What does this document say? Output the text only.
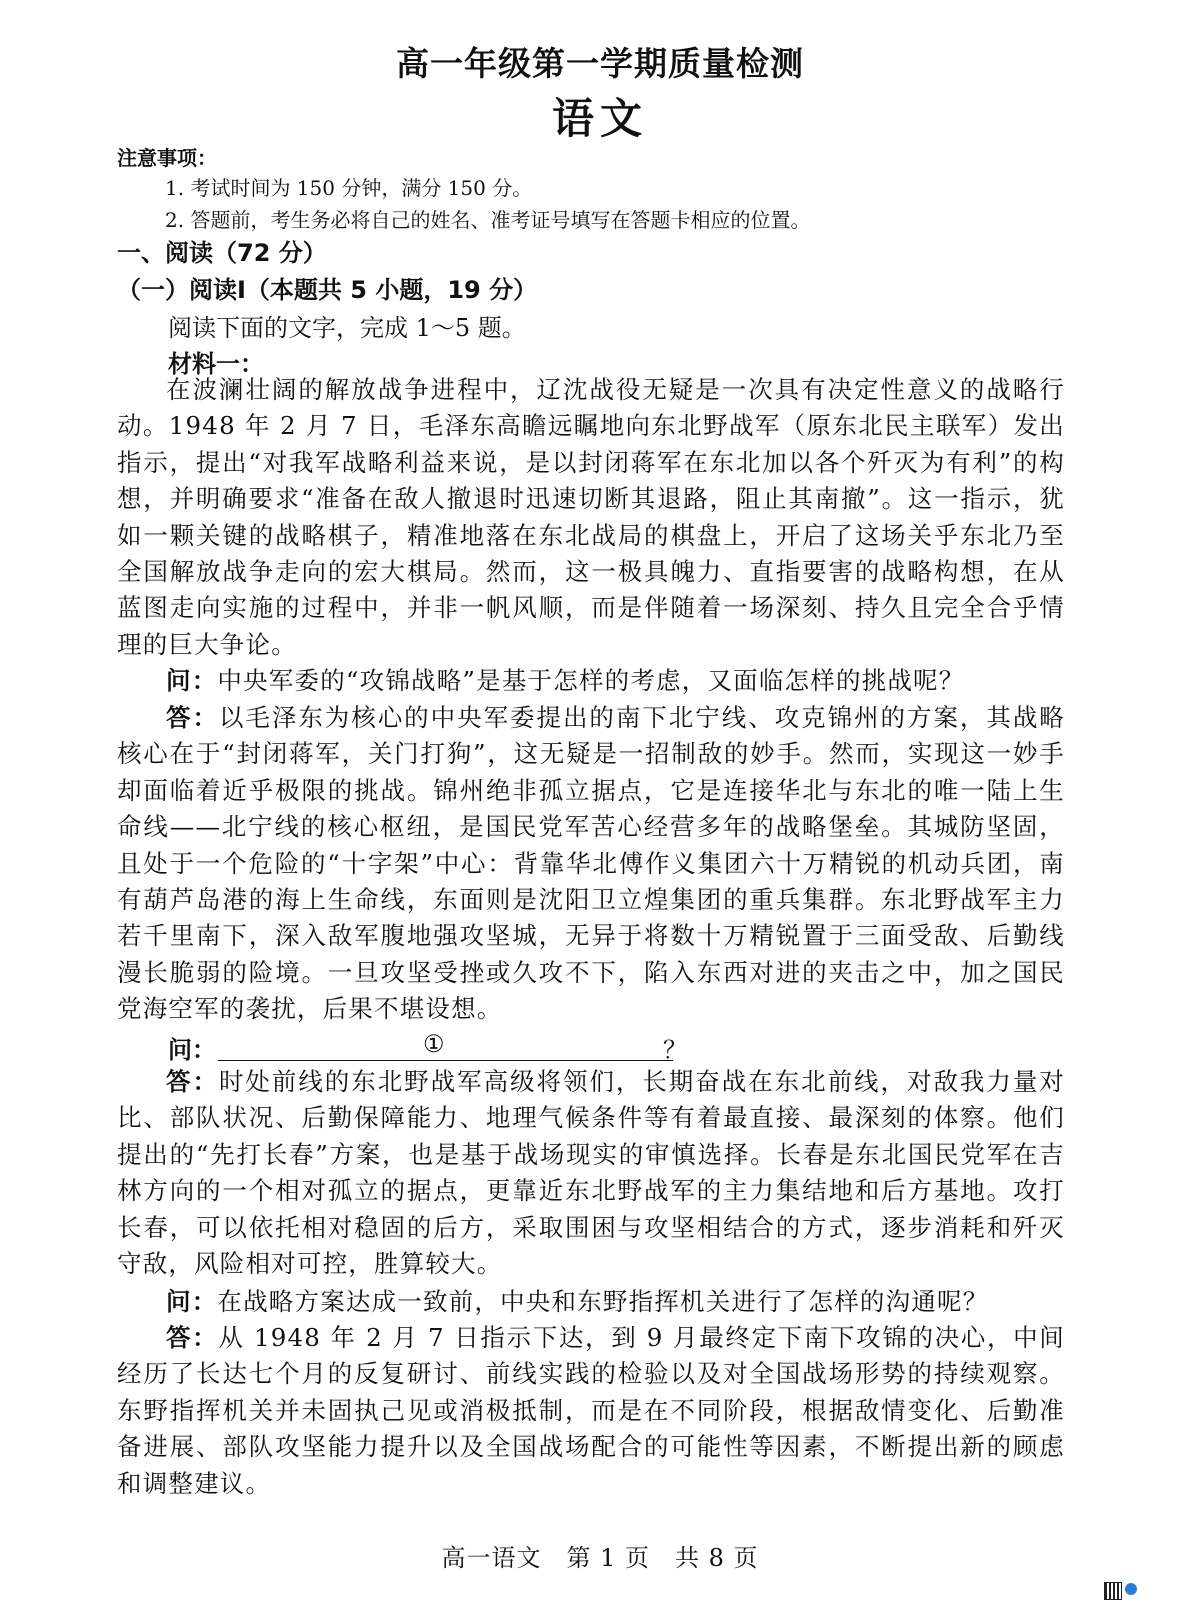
高一年级第一学期质量检测
语文
注意事项：
1. 考试时间为 150 分钟，满分 150 分。
2. 答题前，考生务必将自己的姓名、准考证号填写在答题卡相应的位置。
一、阅读（72 分）
（一）阅读Ⅰ（本题共 5 小题，19 分）
阅读下面的文字，完成 1～5 题。
材料一：
在波澜壮阔的解放战争进程中，辽沈战役无疑是一次具有决定性意义的战略行动。1948 年 2 月 7 日，毛泽东高瞻远瞩地向东北野战军（原东北民主联军）发出指示，提出“对我军战略利益来说，是以封闭蒋军在东北加以各个歼灭为有利”的构想，并明确要求“准备在敌人撤退时迅速切断其退路，阻止其南撤”。这一指示，犹如一颗关键的战略棋子，精准地落在东北战局的棋盘上，开启了这场关乎东北乃至全国解放战争走向的宏大棋局。然而，这一极具魄力、直指要害的战略构想，在从蓝图走向实施的过程中，并非一帆风顺，而是伴随着一场深刻、持久且完全合乎情理的巨大争论。
问：中央军委的“攻锦战略”是基于怎样的考虑，又面临怎样的挑战呢？
答：以毛泽东为核心的中央军委提出的南下北宁线、攻克锦州的方案，其战略核心在于“封闭蒋军，关门打狗”，这无疑是一招制敌的妙手。然而，实现这一妙手却面临着近乎极限的挑战。锦州绝非孤立据点，它是连接华北与东北的唯一陆上生命线——北宁线的核心枢纽，是国民党军苦心经营多年的战略堡垒。其城防坚固，且处于一个危险的“十字架”中心：背靠华北傅作义集团六十万精锐的机动兵团，南有葫芦岛港的海上生命线，东面则是沈阳卫立煌集团的重兵集群。东北野战军主力若千里南下，深入敌军腹地强攻坚城，无异于将数十万精锐置于三面受敌、后勤线漫长脆弱的险境。一旦攻坚受挫或久攻不下，陷入东西对进的夹击之中，加之国民党海空军的袭扰，后果不堪设想。
问：	①	？
答：时处前线的东北野战军高级将领们，长期奋战在东北前线，对敌我力量对比、部队状况、后勤保障能力、地理气候条件等有着最直接、最深刻的体察。他们提出的“先打长春”方案，也是基于战场现实的审慎选择。长春是东北国民党军在吉林方向的一个相对孤立的据点，更靠近东北野战军的主力集结地和后方基地。攻打长春，可以依托相对稳固的后方，采取围困与攻坚相结合的方式，逐步消耗和歼灭守敌，风险相对可控，胜算较大。
问：在战略方案达成一致前，中央和东野指挥机关进行了怎样的沟通呢？
答：从 1948 年 2 月 7 日指示下达，到 9 月最终定下南下攻锦的决心，中间经历了长达七个月的反复研讨、前线实践的检验以及对全国战场形势的持续观察。东野指挥机关并未固执己见或消极抵制，而是在不同阶段，根据敌情变化、后勤准备进展、部队攻坚能力提升以及全国战场配合的可能性等因素，不断提出新的顾虑和调整建议。
高一语文　第 1 页　共 8 页
